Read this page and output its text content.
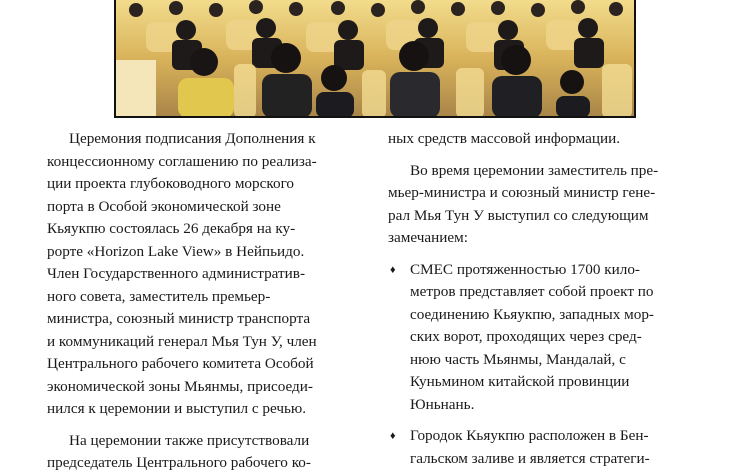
Церемония подписания Дополнения к

концессионному соглашению по реализа-

ции проекта глубоководного морского

порта в Особой экономической зоне

Кьяукпю состоялась 26 декабря на ку-

рорте «Horizon Lake View» в Нейпьидо.

Член Государственного административ-

ного совета, заместитель премьер-

министра, союзный министр транспорта

и коммуникаций генерал Мья Тун У, член

Центрального рабочего комитета Особой

экономической зоны Мьянмы, присоеди-

нился к церемонии и выступил с речью.

На церемонии также присутствовали

председатель Центрального рабочего ко-

ных средств массовой информации.

Во время церемонии заместитель пре-

мьер-министра и союзный министр гене-

рал Мья Тун У выступил со следующим

замечанием:

♦ CMEC протяженностью 1700 кило-

метров представляет собой проект по

соединению Кьяукпю, западных мор-

ских ворот, проходящих через сред-

нюю часть Мьянмы, Мандалай, с

Куньмином китайской провинции

Юньнань.

♦ Городок Кьяукпю расположен в Бен-

гальском заливе и является стратеги-
